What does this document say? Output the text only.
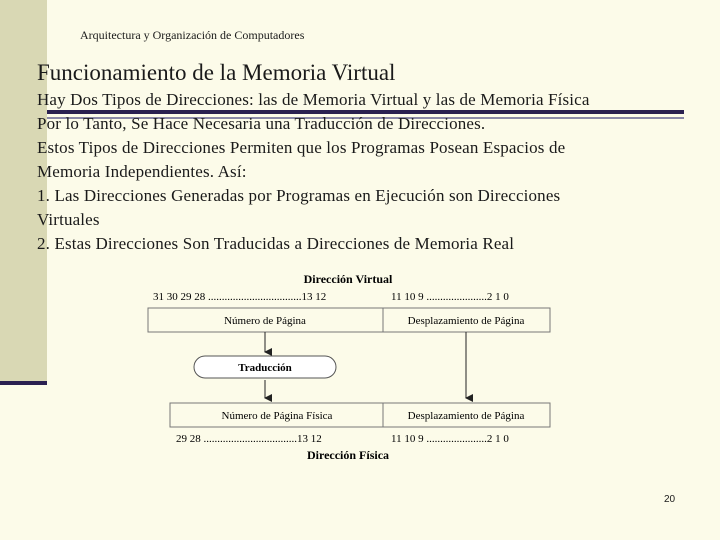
Arquitectura y Organización de Computadores
Funcionamiento de la Memoria Virtual
Hay Dos Tipos de Direcciones: las de Memoria Virtual y las de Memoria Física
Por lo Tanto, Se Hace Necesaria una Traducción de Direcciones.
Estos Tipos de Direcciones Permiten que los Programas Posean Espacios de
Memoria Independientes. Así:
1. Las Direcciones Generadas por Programas en Ejecución son Direcciones
Virtuales
2. Estas Direcciones Son Traducidas a Direcciones de Memoria Real
Dirección Virtual
31 30 29 28 ..................................13 12	11 10 9 ......................2 1 0
Número de Página	Desplazamiento de Página
Traducción
Número de Página Física	Desplazamiento de Página
29 28 ..................................13 12	11 10 9 ......................2 1 0
Dirección Física
20
